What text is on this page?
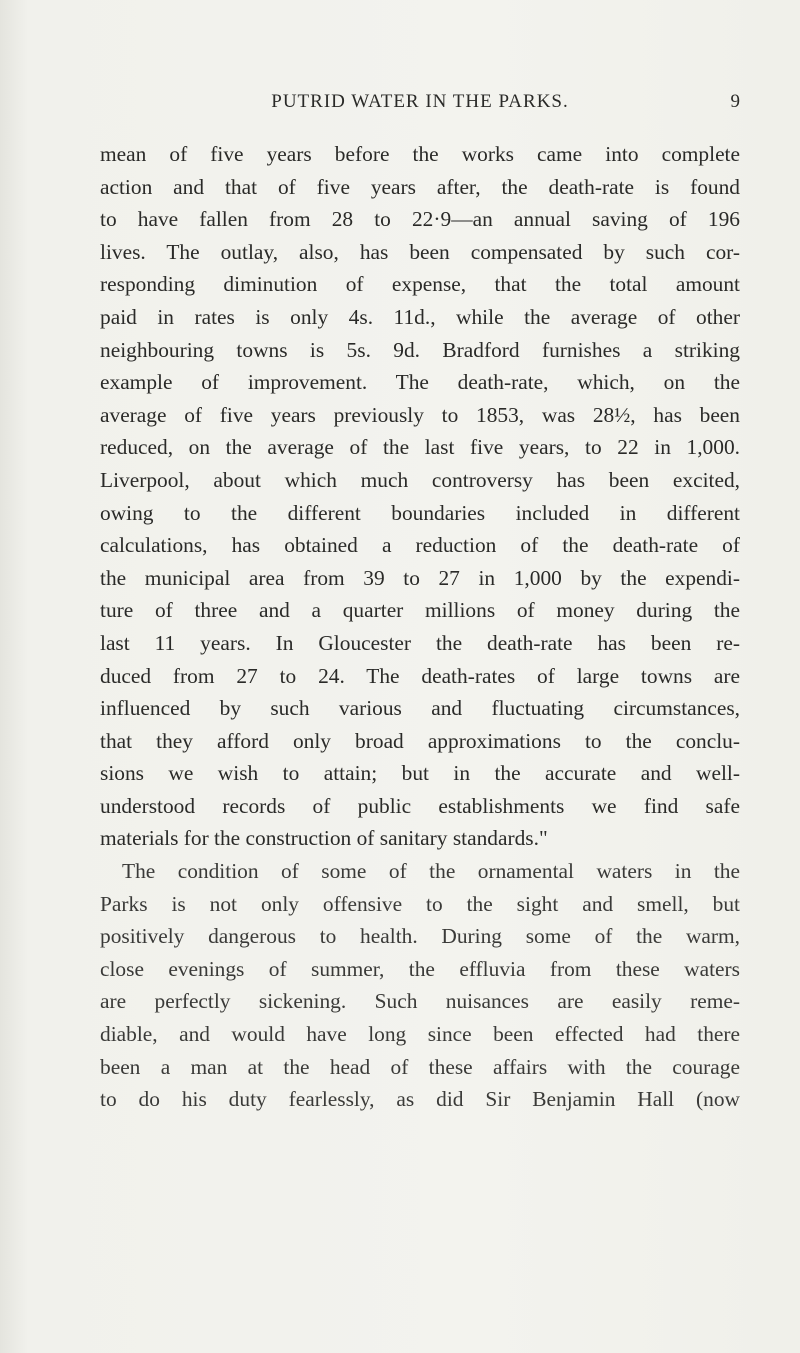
PUTRID WATER IN THE PARKS.	9
mean of five years before the works came into complete
action and that of five years after, the death-rate is found
to have fallen from 28 to 22·9—an annual saving of 196
lives. The outlay, also, has been compensated by such cor-
responding diminution of expense, that the total amount
paid in rates is only 4s. 11d., while the average of other
neighbouring towns is 5s. 9d. Bradford furnishes a striking
example of improvement. The death-rate, which, on the
average of five years previously to 1853, was 28½, has been
reduced, on the average of the last five years, to 22 in 1,000.
Liverpool, about which much controversy has been excited,
owing to the different boundaries included in different
calculations, has obtained a reduction of the death-rate of
the municipal area from 39 to 27 in 1,000 by the expendi-
ture of three and a quarter millions of money during the
last 11 years. In Gloucester the death-rate has been re-
duced from 27 to 24. The death-rates of large towns are
influenced by such various and fluctuating circumstances,
that they afford only broad approximations to the conclu-
sions we wish to attain; but in the accurate and well-
understood records of public establishments we find safe
materials for the construction of sanitary standards."
The condition of some of the ornamental waters in the
Parks is not only offensive to the sight and smell, but
positively dangerous to health. During some of the warm,
close evenings of summer, the effluvia from these waters
are perfectly sickening. Such nuisances are easily reme-
diable, and would have long since been effected had there
been a man at the head of these affairs with the courage
to do his duty fearlessly, as did Sir Benjamin Hall (now
